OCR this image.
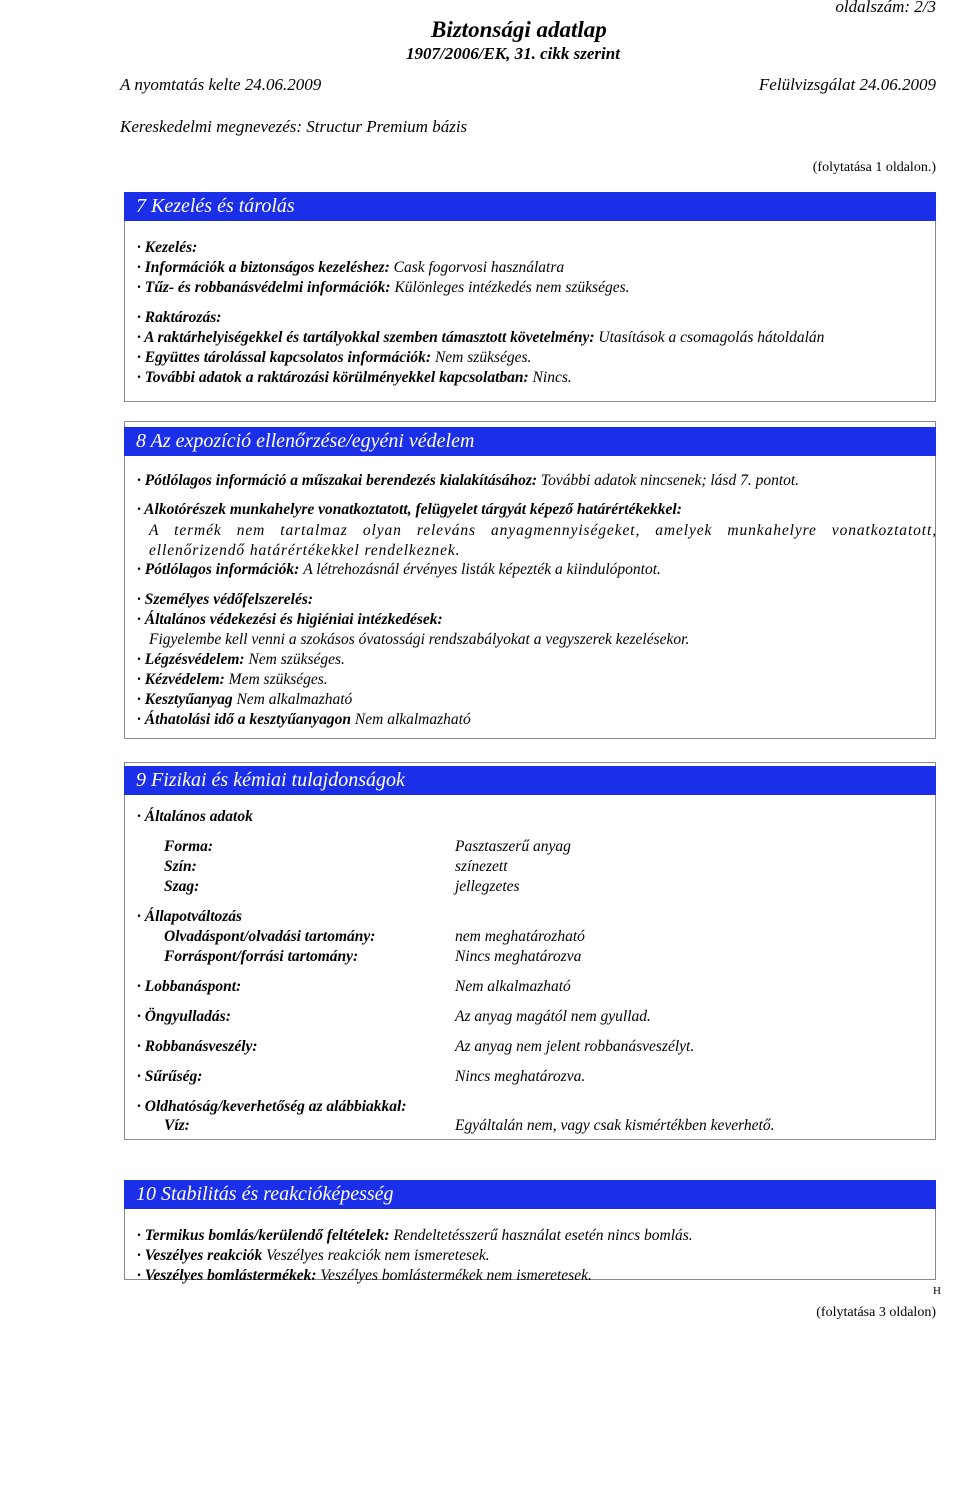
oldalszám: 2/3
Biztonsági adatlap
1907/2006/EK, 31. cikk szerint
A nyomtatás kelte 24.06.2009	Felülvizsgálat 24.06.2009
Kereskedelmi megnevezés: Structur Premium bázis
(folytatása 1 oldalon.)
7 Kezelés és tárolás
· Kezelés:
· Információk a biztonságos kezeléshez: Cask fogorvosi használatra
· Tűz- és robbanásvédelmi információk: Különleges intézkedés nem szükséges.
· Raktározás:
· A raktárhelyiségekkel és tartályokkal szemben támasztott követelmény: Utasítások a csomagolás hátoldalán
· Együttes tárolással kapcsolatos információk: Nem szükséges.
· További adatok a raktározási körülményekkel kapcsolatban: Nincs.
8 Az expozíció ellenőrzése/egyéni védelem
· Pótlólagos információ a műszakai berendezés kialakításához: További adatok nincsenek; lásd 7. pontot.
· Alkotórészek munkahelyre vonatkoztatott, felügyelet tárgyát képező határértékekkel:
A termék nem tartalmaz olyan releváns anyagmennyiségeket, amelyek munkahelyre vonatkoztatott, ellenőrizendő határértékekkel rendelkeznek.
· Pótlólagos információk: A létrehozásnál érvényes listák képezték a kiindulópontot.
· Személyes védőfelszerelés:
· Általános védekezési és higiéniai intézkedések:
Figyelembe kell venni a szokásos óvatossági rendszabályokat a vegyszerek kezelésekor.
· Légzésvédelem: Nem szükséges.
· Kézvédelem: Mem szükséges.
· Kesztyűanyag Nem alkalmazható
· Áthatolási idő a kesztyűanyagon Nem alkalmazható
9 Fizikai és kémiai tulajdonságok
· Általános adatok
Forma:	Pasztaszerű anyag
Szín:	színezett
Szag:	jellegzetes
· Állapotváltozás
Olvadáspont/olvadási tartomány:	nem meghatározható
Forráspont/forrási tartomány:	Nincs meghatározva
· Lobbanáspont:	Nem alkalmazható
· Öngyulladás:	Az anyag magától nem gyullad.
· Robbanásveszély:	Az anyag nem jelent robbanásveszélyt.
· Sűrűség:	Nincs meghatározva.
· Oldhatóság/keverhetőség az alábbiakkal:
Víz:	Egyáltalán nem, vagy csak kismértékben keverhető.
10 Stabilitás és reakcióképesség
· Termikus bomlás/kerülendő feltételek: Rendeltetésszerű használat esetén nincs bomlás.
· Veszélyes reakciók Veszélyes reakciók nem ismeretesek.
· Veszélyes bomlástermékek: Veszélyes bomlástermékek nem ismeretesek.
H
(folytatása 3 oldalon)
